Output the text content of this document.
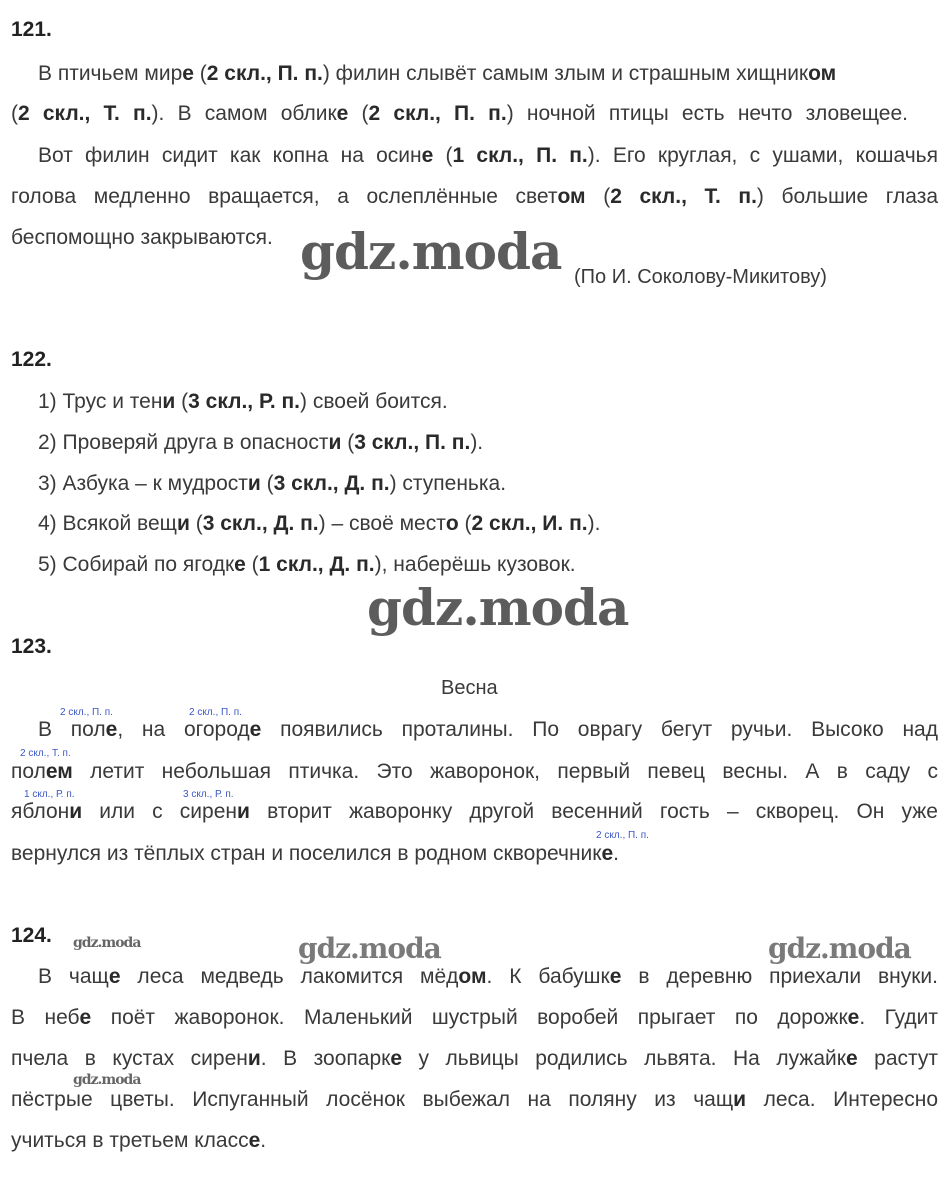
121.
В птичьем мире (2 скл., П. п.) филин слывёт самым злым и страшным хищником
(2 скл., Т. п.). В самом облике (2 скл., П. п.) ночной птицы есть нечто зловещее.
Вот филин сидит как копна на осине (1 скл., П. п.). Его круглая, с ушами, кошачья
голова медленно вращается, а ослеплённые светом (2 скл., Т. п.) большие глаза
беспомощно закрываются.
(По И. Соколову-Микитову)
122.
1) Трус и тени (3 скл., Р. п.) своей боится.
2) Проверяй друга в опасности (3 скл., П. п.).
3) Азбука – к мудрости (3 скл., Д. п.) ступенька.
4) Всякой вещи (3 скл., Д. п.) – своё место (2 скл., И. п.).
5) Собирай по ягодке (1 скл., Д. п.), наберёшь кузовок.
123.
Весна
2 скл., П. п.	2 скл., П. п.
В поле, на огороде появились проталины. По оврагу бегут ручьи. Высоко над
2 скл., Т. п.
полем летит небольшая птичка. Это жаворонок, первый певец весны. А в саду с
1 скл., Р. п.	3 скл., Р. п.
яблони или с сирени вторит жаворонку другой весенний гость – скворец. Он уже
2 скл., П. п.
вернулся из тёплых стран и поселился в родном скворечнике.
124.
В чаще леса медведь лакомится мёдом. К бабушке в деревню приехали внуки.
В небе поёт жаворонок. Маленький шустрый воробей прыгает по дорожке. Гудит
пчела в кустах сирени. В зоопарке у львицы родились львята. На лужайке растут
пёстрые цветы. Испуганный лосёнок выбежал на поляну из чащи леса. Интересно
учиться в третьем классе.
gdz.moda
gdz.moda
gdz.moda	gdz.moda
gdz.moda
gdz.moda
